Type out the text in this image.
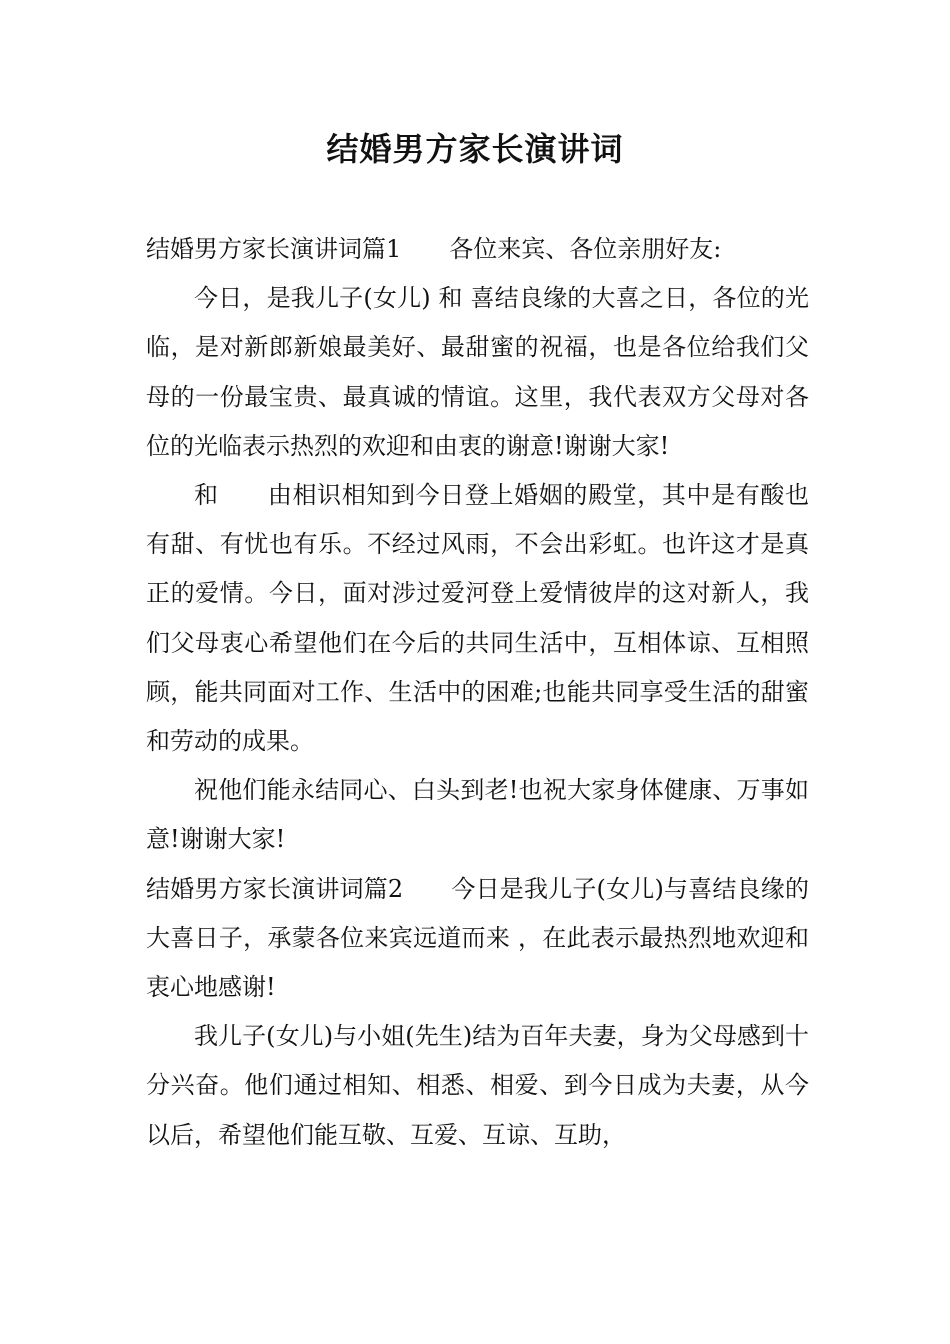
结婚男方家长演讲词

结婚男方家长演讲词篇1 各位来宾、各位亲朋好友:

今日，是我儿子(女儿) 和 喜结良缘的大喜之日，各位的光临，是对新郎新娘最美好、最甜蜜的祝福，也是各位给我们父母的一份最宝贵、最真诚的情谊。这里，我代表双方父母对各位的光临表示热烈的欢迎和由衷的谢意!谢谢大家!

和　　由相识相知到今日登上婚姻的殿堂，其中是有酸也有甜、有忧也有乐。不经过风雨，不会出彩虹。也许这才是真正的爱情。今日，面对涉过爱河登上爱情彼岸的这对新人，我们父母衷心希望他们在今后的共同生活中，互相体谅、互相照顾，能共同面对工作、生活中的困难;也能共同享受生活的甜蜜和劳动的成果。

祝他们能永结同心、白头到老!也祝大家身体健康、万事如意!谢谢大家!

结婚男方家长演讲词篇2 今日是我儿子(女儿)与喜结良缘的大喜日子，承蒙各位来宾远道而来 ，在此表示最热烈地欢迎和衷心地感谢!

我儿子(女儿)与小姐(先生)结为百年夫妻，身为父母感到十分兴奋。他们通过相知、相悉、相爱、到今日成为夫妻，从今以后，希望他们能互敬、互爱、互谅、互助，
